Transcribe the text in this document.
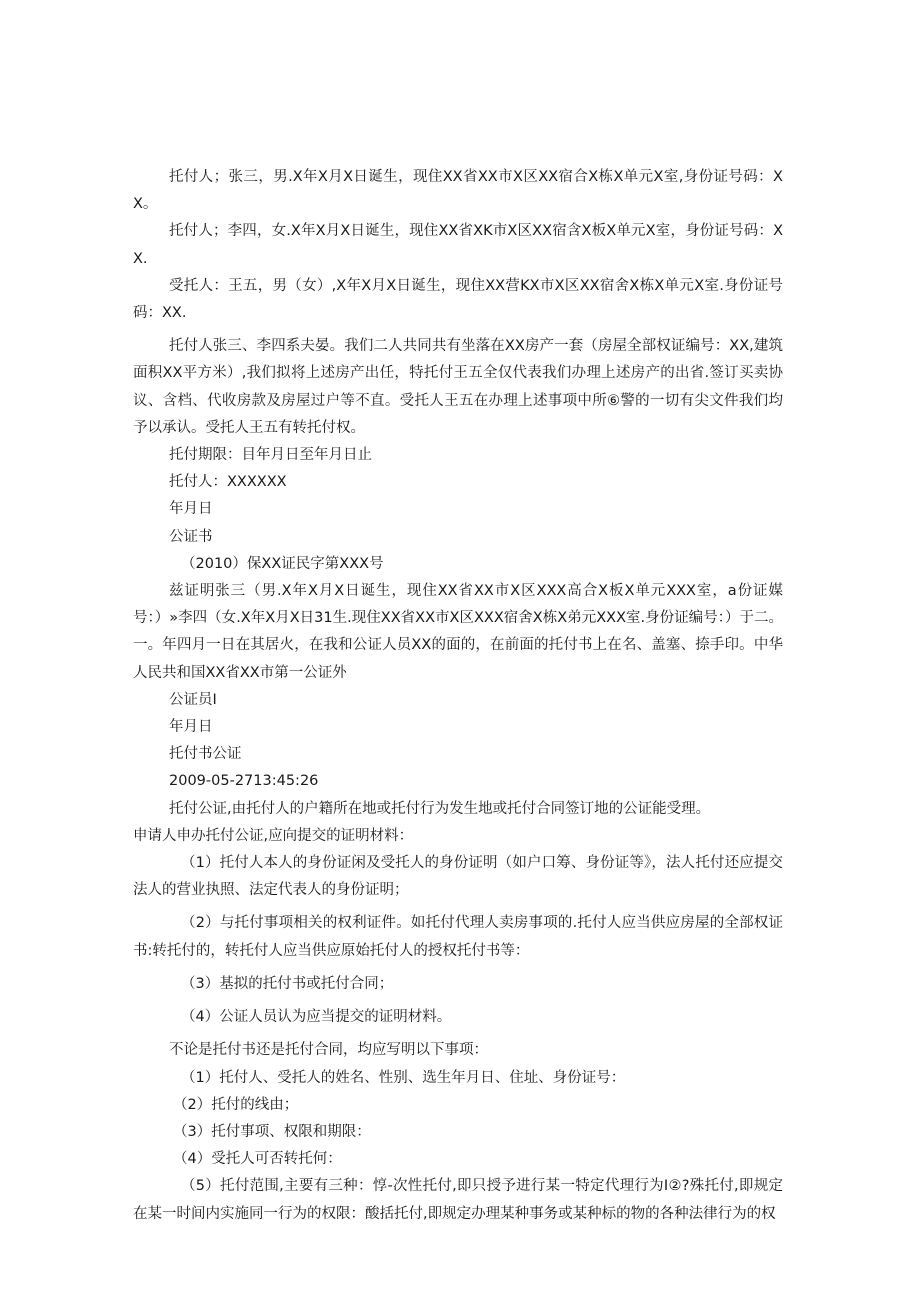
托付人；张三，男.X年X月X日诞生，现住XX省XX市X区XX宿合X栋X单元X室,身份证号码：XX。

托付人；李四，女.X年X月X日诞生，现住XX省XK市X区XX宿含X板X单元X室，身份证号码：XX.

受托人：王五，男（女）,X年X月X日诞生，现住XX营KX市X区XX宿舍X栋X单元X室.身份证号码：XX.

托付人张三、李四系夫晏。我们二人共同共有坐落在XX房产一套（房屋全部权证编号：XX,建筑面积XX平方米）,我们拟将上述房产出任，特托付王五全仅代表我们办理上述房产的出省.签订买卖协议、含档、代收房款及房屋过户等不直。受托人王五在办理上述事项中所⑥警的一切有尖文件我们均予以承认。受托人王五有转托付权。

托付期限：目年月日至年月日止

托付人：XXXXXX

年月日

公证书

（2010）保XX证民字第XXX号

兹证明张三（男.X年X月X日诞生，现住XX省XX市X区XXX高合X板X单元XXX室，a份证媒号：）»李四（女.X年X月X日31生.现住XX省XX市X区XXX宿舍X栋X弟元XXX室.身份证编号：）于二。一。年四月一日在其居火，在我和公证人员XX的面的，在前面的托付书上在名、盖塞、捺手印。中华人民共和国XX省XX市第一公证外

公证员I

年月日

托付书公证

2009-05-2713:45:26

托付公证,由托付人的户籍所在地或托付行为发生地或托付合同签订地的公证能受理。

申请人申办托付公证,应向提交的证明材料：

（1）托付人本人的身份证闲及受托人的身份证明（如户口筹、身份证等》，法人托付还应提交法人的营业执照、法定代表人的身份证明；

（2）与托付事项相关的权利证件。如托付代理人卖房事项的.托付人应当供应房屋的全部权证书:转托付的，转托付人应当供应原始托付人的授权托付书等：

（3）基拟的托付书或托付合同；

（4）公证人员认为应当提交的证明材料。

不论是托付书还是托付合同，均应写明以下事项：

（1）托付人、受托人的姓名、性别、选生年月日、住址、身份证号：

（2）托付的线由；

（3）托付事项、权限和期限：

（4）受托人可否转托何：

（5）托付范围,主要有三种：惇-次性托付,即只授予进行某一特定代理行为I②?殊托付,即规定在某一时间内实施同一行为的权限：酸括托付,即规定办理某种事务或某种标的物的各种法律行为的权
